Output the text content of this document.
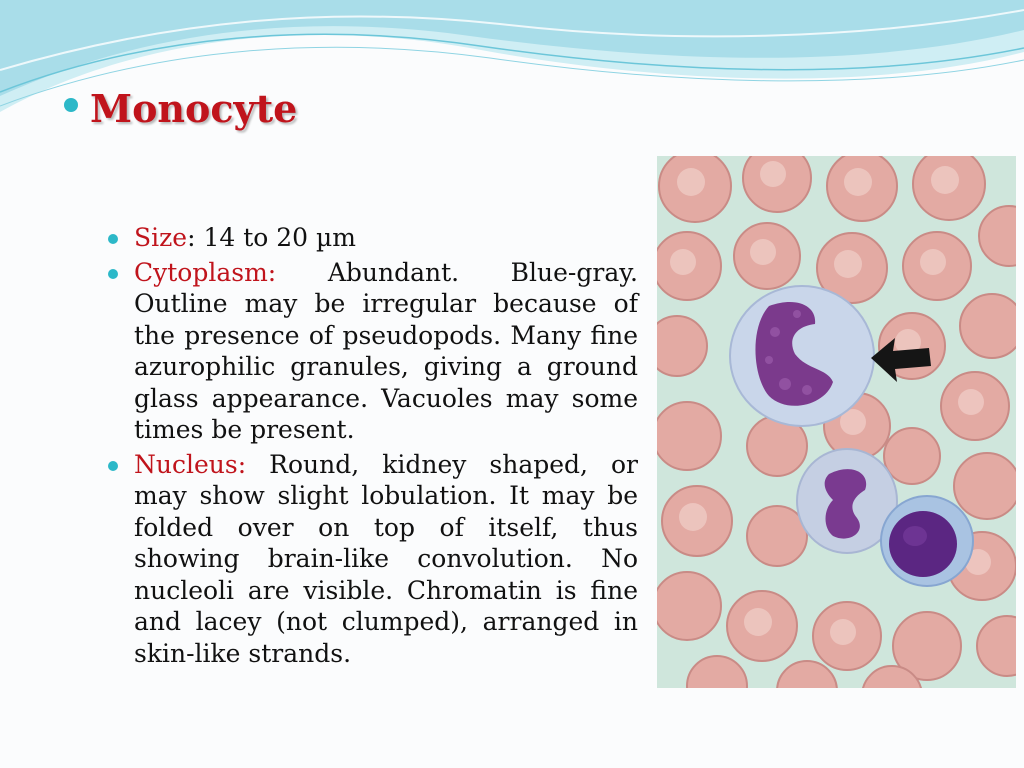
Monocyte

Size: 14 to 20 µm

Cytoplasm: Abundant. Blue-gray. Outline may be irregular because of the presence of pseudopods. Many fine azurophilic granules, giving a ground glass appearance. Vacuoles may some times be present.

Nucleus: Round, kidney shaped, or may show slight lobulation. It may be folded over on top of itself, thus showing brain-like convolution. No nucleoli are visible. Chromatin is fine and lacey (not clumped), arranged in skin-like strands.
